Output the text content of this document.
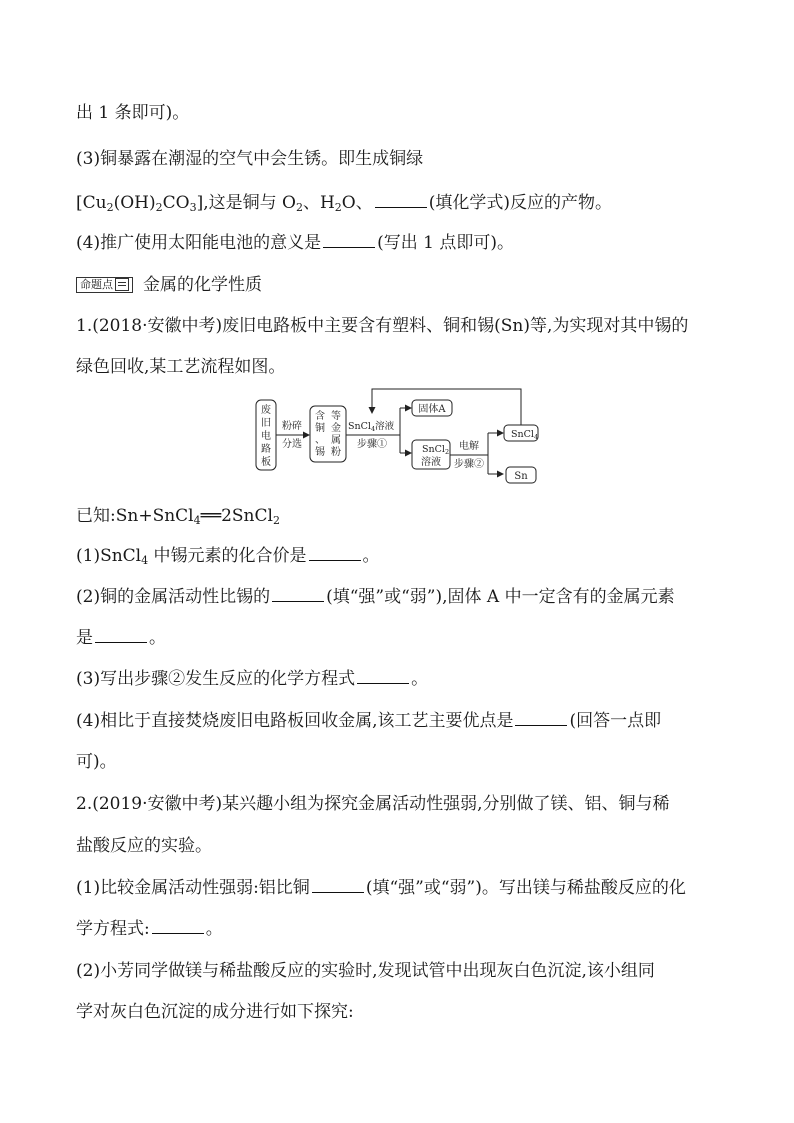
出 1 条即可)。
(3)铜暴露在潮湿的空气中会生锈。即生成铜绿
$[Cu_2(OH)_2CO_3]$,这是铜与 $O_2$、$H_2O$、	(填化学式)反应的产物。
(4)推广使用太阳能电池的意义是	(写出 1 点即可)。
命题点 金属的化学性质
1.(2018·安徽中考)废旧电路板中主要含有塑料、铜和锡(Sn)等,为实现对其中锡的
绿色回收,某工艺流程如图。
废
旧
电
路
板
粉碎
分选
含
铜
、
锡
等
金
属
粉
SnCl$_4$溶液
步骤①
固体A
SnCl$_2$
溶液
电解
步骤②
SnCl$_4$
Sn
已知:Sn+SnCl$_4$══2SnCl$_2$
(1)SnCl$_4$ 中锡元素的化合价是	。
(2)铜的金属活动性比锡的	(填“强”或“弱”),固体 A 中一定含有的金属元素
是	。
(3)写出步骤②发生反应的化学方程式	。
(4)相比于直接焚烧废旧电路板回收金属,该工艺主要优点是	(回答一点即
可)。
2.(2019·安徽中考)某兴趣小组为探究金属活动性强弱,分别做了镁、铝、铜与稀
盐酸反应的实验。
(1)比较金属活动性强弱:铝比铜	(填“强”或“弱”)。写出镁与稀盐酸反应的化
学方程式:	。
(2)小芳同学做镁与稀盐酸反应的实验时,发现试管中出现灰白色沉淀,该小组同
学对灰白色沉淀的成分进行如下探究:
